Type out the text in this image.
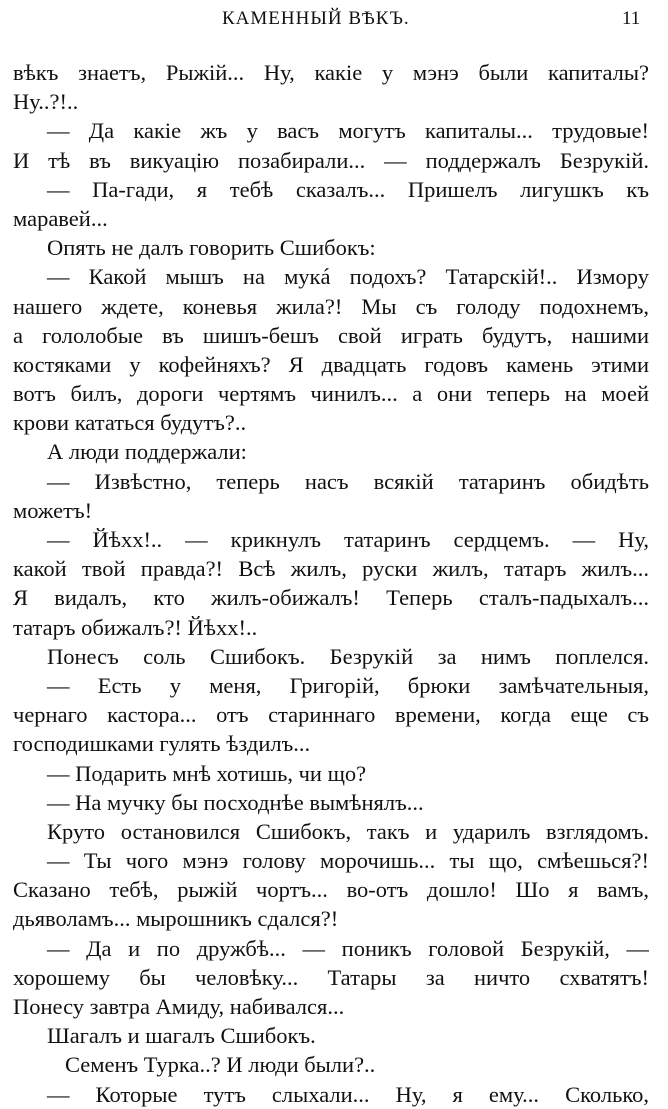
КАМЕННЫЙ ВѢКЪ.	11
вѣкъ знаетъ, Рыжiй... Ну, какiе у мэнэ были капиталы?
Ну..?!..
— Да какiе жъ у васъ могутъ капиталы... трудовые!
И тѣ въ викуацiю позабирали... — поддержалъ Безрукiй.
— Па-гади, я тебѣ сказалъ... Пришелъ лигушкъ къ
маравей...
Опять не далъ говорить Сшибокъ:
— Какой мышъ на мукá подохъ? Татарскiй!.. Измору
нашего ждете, коневья жила?! Мы съ голоду подохнемъ,
а гололобые въ шишъ-бешъ свой играть будутъ, нашими
костяками у кофейняхъ? Я двадцать годовъ камень этими
вотъ билъ, дороги чертямъ чинилъ... а они теперь на моей
крови кататься будутъ?..
А люди поддержали:
— Извѣстно, теперь насъ всякiй татаринъ обидѣть
можетъ!
— Йѣхх!.. — крикнулъ татаринъ сердцемъ. — Ну,
какой твой правда?! Всѣ жилъ, руски жилъ, татаръ жилъ...
Я видалъ, кто жилъ-обижалъ! Теперь сталъ-падыхалъ...
татаръ обижалъ?! Йѣхх!..
Понесъ соль Сшибокъ. Безрукiй за нимъ поплелся.
— Есть у меня, Григорiй, брюки замѣчательныя,
чернаго кастора... отъ стариннаго времени, когда еще съ
господишками гулять ѣздилъ...
— Подарить мнѣ хотишь, чи що?
— На мучку бы посходнѣе вымѣнялъ...
Круто остановился Сшибокъ, такъ и ударилъ взглядомъ.
— Ты чого мэнэ голову морочишь... ты що, смѣешься?!
Сказано тебѣ, рыжiй чортъ... во-отъ дошло! Шо я вамъ,
дьяволамъ... мырошникъ сдался?!
— Да и по дружбѣ... — поникъ головой Безрукiй, —
хорошему бы человѣку... Татары за ничто схватятъ!
Понесу завтра Амиду, набивался...
Шагалъ и шагалъ Сшибокъ.
Семенъ Турка..? И люди были?..
— Которые тутъ слыхали... Ну, я ему... Сколько,
